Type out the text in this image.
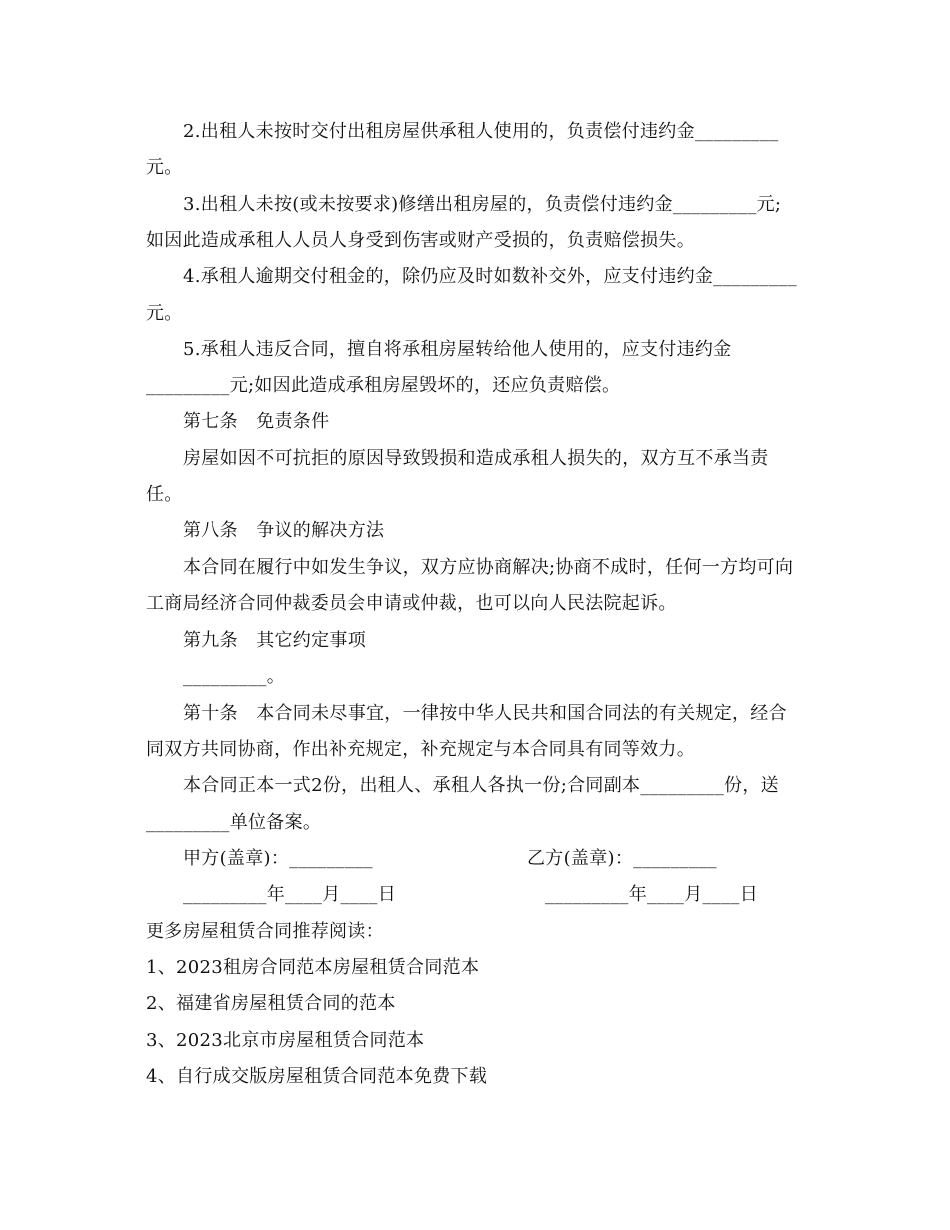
2.出租人未按时交付出租房屋供承租人使用的，负责偿付违约金_________
元。
3.出租人未按(或未按要求)修缮出租房屋的，负责偿付违约金_________元;
如因此造成承租人人员人身受到伤害或财产受损的，负责赔偿损失。
4.承租人逾期交付租金的，除仍应及时如数补交外，应支付违约金_________
元。
5.承租人违反合同，擅自将承租房屋转给他人使用的，应支付违约金
_________元;如因此造成承租房屋毁坏的，还应负责赔偿。
第七条　免责条件
房屋如因不可抗拒的原因导致毁损和造成承租人损失的，双方互不承当责
任。
第八条　争议的解决方法
本合同在履行中如发生争议，双方应协商解决;协商不成时，任何一方均可向
工商局经济合同仲裁委员会申请或仲裁，也可以向人民法院起诉。
第九条　其它约定事项
_________。
第十条　本合同未尽事宜，一律按中华人民共和国合同法的有关规定，经合
同双方共同协商，作出补充规定，补充规定与本合同具有同等效力。
本合同正本一式2份，出租人、承租人各执一份;合同副本_________份，送
_________单位备案。
甲方(盖章)：_________	乙方(盖章)：_________
_________年____月____日	_________年____月____日
更多房屋租赁合同推荐阅读：
1、2023租房合同范本房屋租赁合同范本
2、福建省房屋租赁合同的范本
3、2023北京市房屋租赁合同范本
4、自行成交版房屋租赁合同范本免费下载
